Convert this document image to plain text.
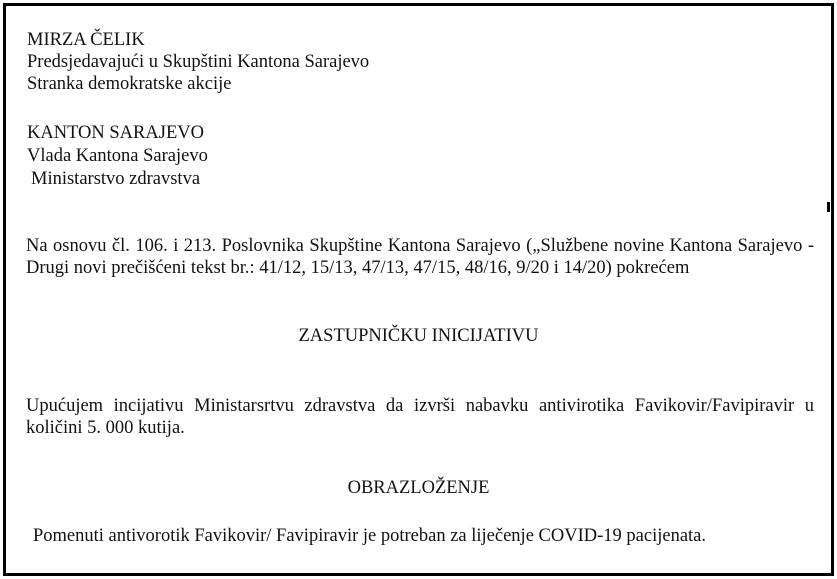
MIRZA ČELIK
Predsjedavajući u Skupštini Kantona Sarajevo
Stranka demokratske akcije
KANTON SARAJEVO
Vlada Kantona Sarajevo
Ministarstvo zdravstva
Na osnovu čl. 106. i 213. Poslovnika Skupštine Kantona Sarajevo („Službene novine Kantona Sarajevo - Drugi novi prečišćeni tekst br.: 41/12, 15/13, 47/13, 47/15, 48/16, 9/20 i 14/20) pokrećem
ZASTUPNIČKU INICIJATIVU
Upućujem incijativu Ministarsrtvu zdravstva da izvrši nabavku antivirotika Favikovir/Favipiravir u količini 5. 000 kutija.
OBRAZLOŽENJE
Pomenuti antivorotik Favikovir/ Favipiravir je potreban za liječenje COVID-19 pacijenata.
